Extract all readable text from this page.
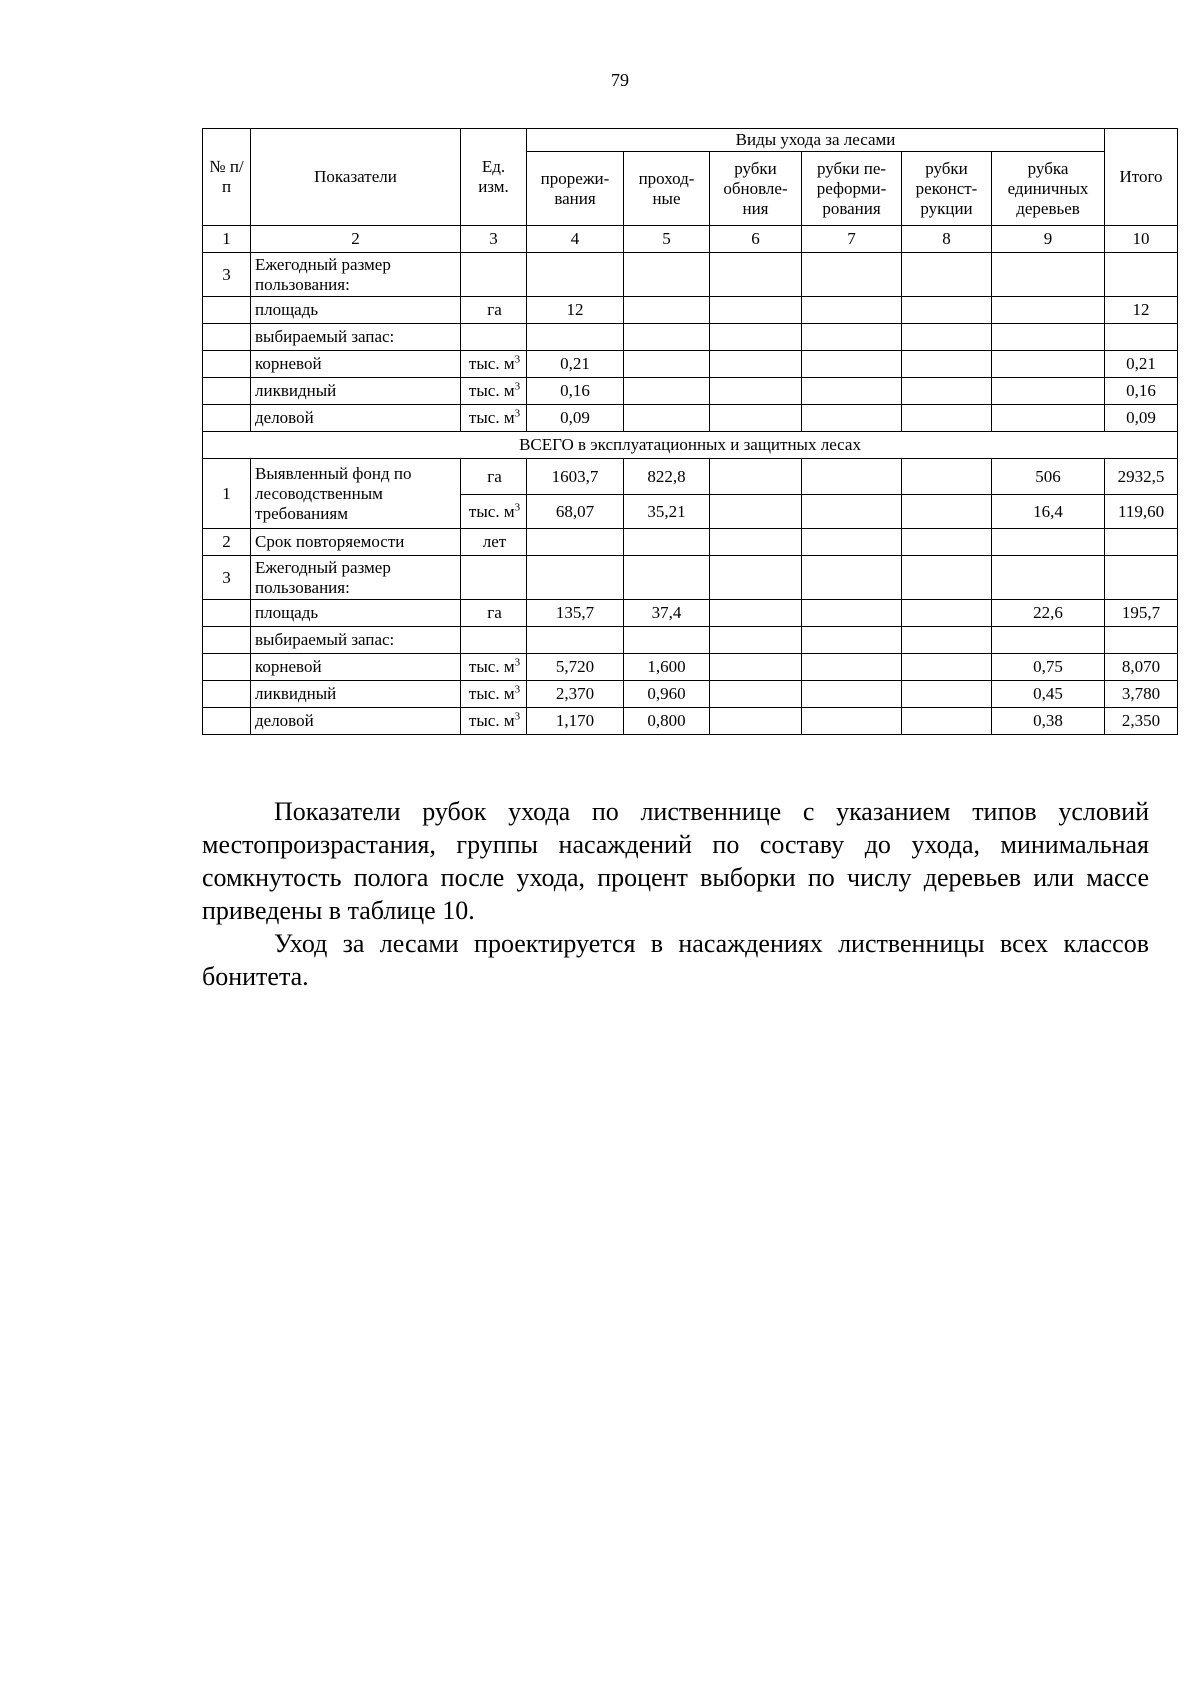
79
№ п/п	Показатели	Ед. изм.	Виды ухода за лесами						Итого
			прорежи-вания	проход-ные	рубки обновле-ния	рубки пе-реформи-рования	рубки реконст-рукции	рубка единичных деревьев	
1	2	3	4	5	6	7	8	9	10
3	Ежегодный размер пользования:								
	площадь	га	12						12
	выбираемый запас:								
	корневой	тыс. $м^3$	0,21						0,21
	ликвидный	тыс. $м^3$	0,16						0,16
	деловой	тыс. $м^3$	0,09						0,09
ВСЕГО в эксплуатационных и защитных лесах									
1	Выявленный фонд по лесоводственным требованиям	га	1603,7	822,8				506	2932,5
		тыс. $м^3$	68,07	35,21				16,4	119,60
2	Срок повторяемости	лет							
3	Ежегодный размер пользования:								
	площадь	га	135,7	37,4				22,6	195,7
	выбираемый запас:								
	корневой	тыс. $м^3$	5,720	1,600				0,75	8,070
	ликвидный	тыс. $м^3$	2,370	0,960				0,45	3,780
	деловой	тыс. $м^3$	1,170	0,800				0,38	2,350

Показатели рубок ухода по лиственнице с указанием типов условий местопроизрастания, группы насаждений по составу до ухода, минимальная сомкнутость полога после ухода, процент выборки по числу деревьев или массе приведены в таблице 10.

Уход за лесами проектируется в насаждениях лиственницы всех классов бонитета.
